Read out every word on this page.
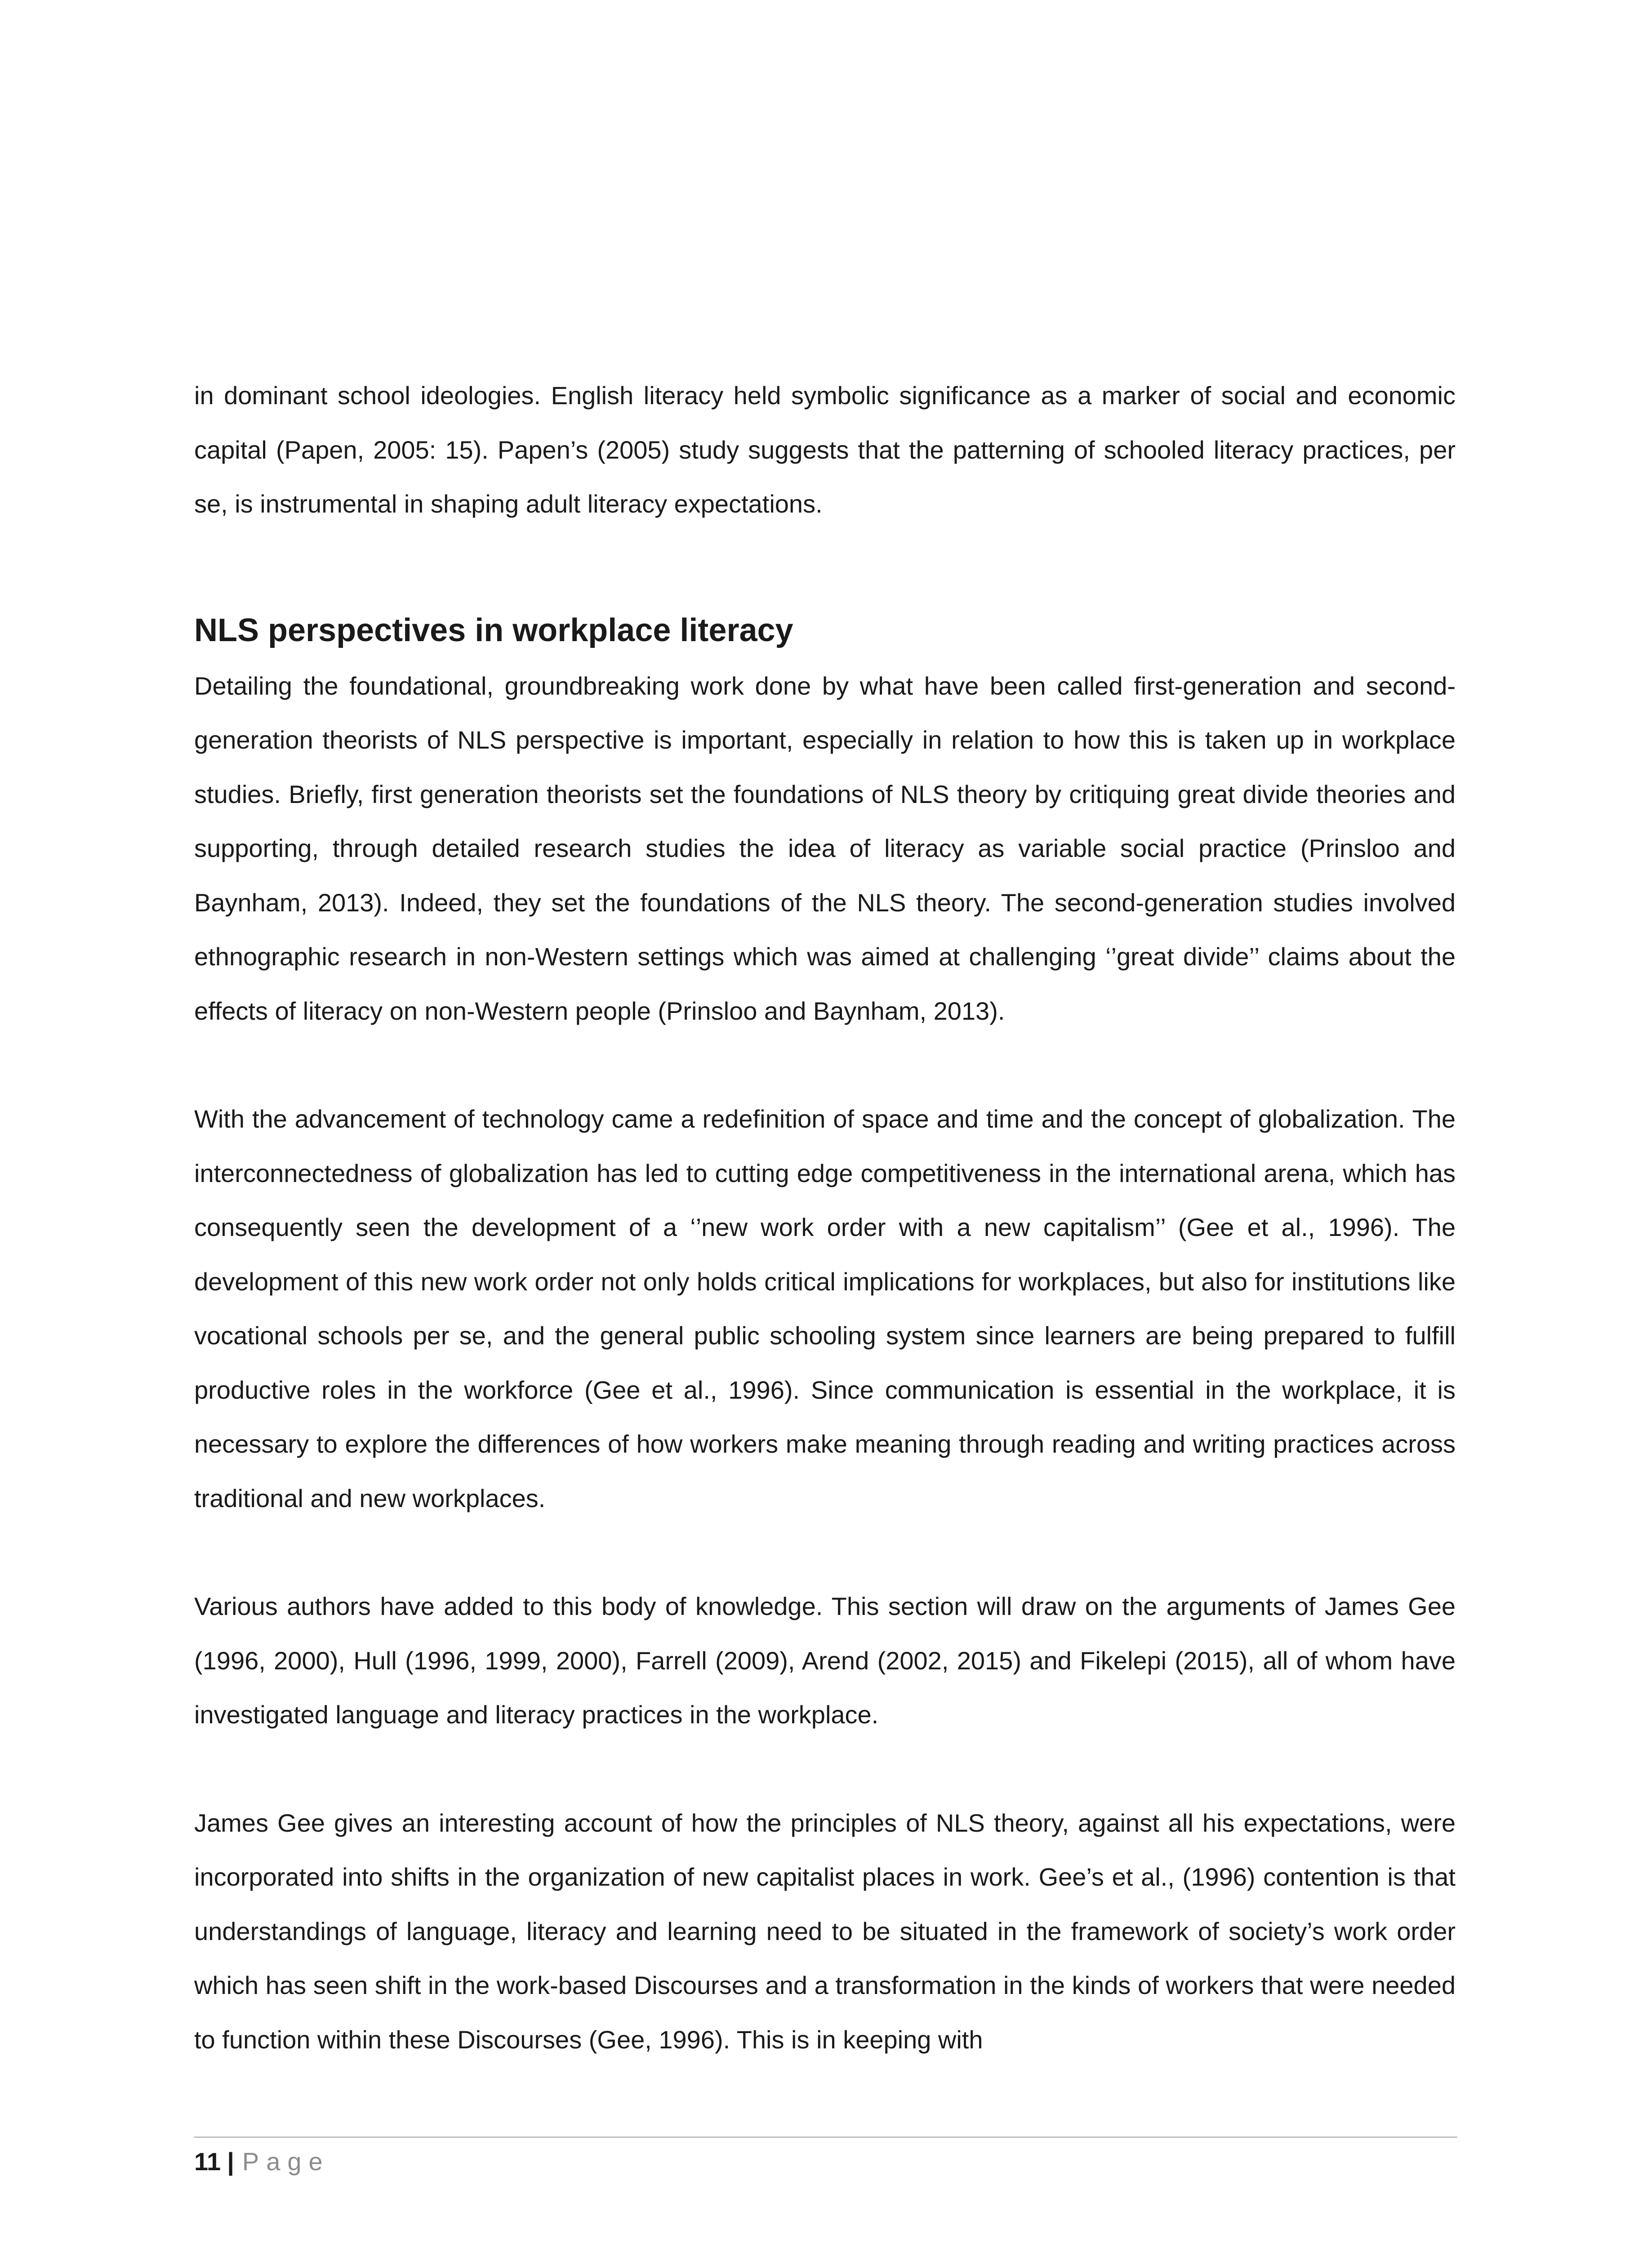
in dominant school ideologies. English literacy held symbolic significance as a marker of social and economic capital (Papen, 2005: 15). Papen’s (2005) study suggests that the patterning of schooled literacy practices, per se, is instrumental in shaping adult literacy expectations.

NLS perspectives in workplace literacy

Detailing the foundational, groundbreaking work done by what have been called first-generation and second-generation theorists of NLS perspective is important, especially in relation to how this is taken up in workplace studies. Briefly, first generation theorists set the foundations of NLS theory by critiquing great divide theories and supporting, through detailed research studies the idea of literacy as variable social practice (Prinsloo and Baynham, 2013). Indeed, they set the foundations of the NLS theory. The second-generation studies involved ethnographic research in non-Western settings which was aimed at challenging ‘’great divide’’ claims about the effects of literacy on non-Western people (Prinsloo and Baynham, 2013).

With the advancement of technology came a redefinition of space and time and the concept of globalization. The interconnectedness of globalization has led to cutting edge competitiveness in the international arena, which has consequently seen the development of a ‘’new work order with a new capitalism’’ (Gee et al., 1996). The development of this new work order not only holds critical implications for workplaces, but also for institutions like vocational schools per se, and the general public schooling system since learners are being prepared to fulfill productive roles in the workforce (Gee et al., 1996). Since communication is essential in the workplace, it is necessary to explore the differences of how workers make meaning through reading and writing practices across traditional and new workplaces.

Various authors have added to this body of knowledge. This section will draw on the arguments of James Gee (1996, 2000), Hull (1996, 1999, 2000), Farrell (2009), Arend (2002, 2015) and Fikelepi (2015), all of whom have investigated language and literacy practices in the workplace.

James Gee gives an interesting account of how the principles of NLS theory, against all his expectations, were incorporated into shifts in the organization of new capitalist places in work. Gee’s et al., (1996) contention is that understandings of language, literacy and learning need to be situated in the framework of society’s work order which has seen shift in the work-based Discourses and a transformation in the kinds of workers that were needed to function within these Discourses (Gee, 1996). This is in keeping with

11 | Page
